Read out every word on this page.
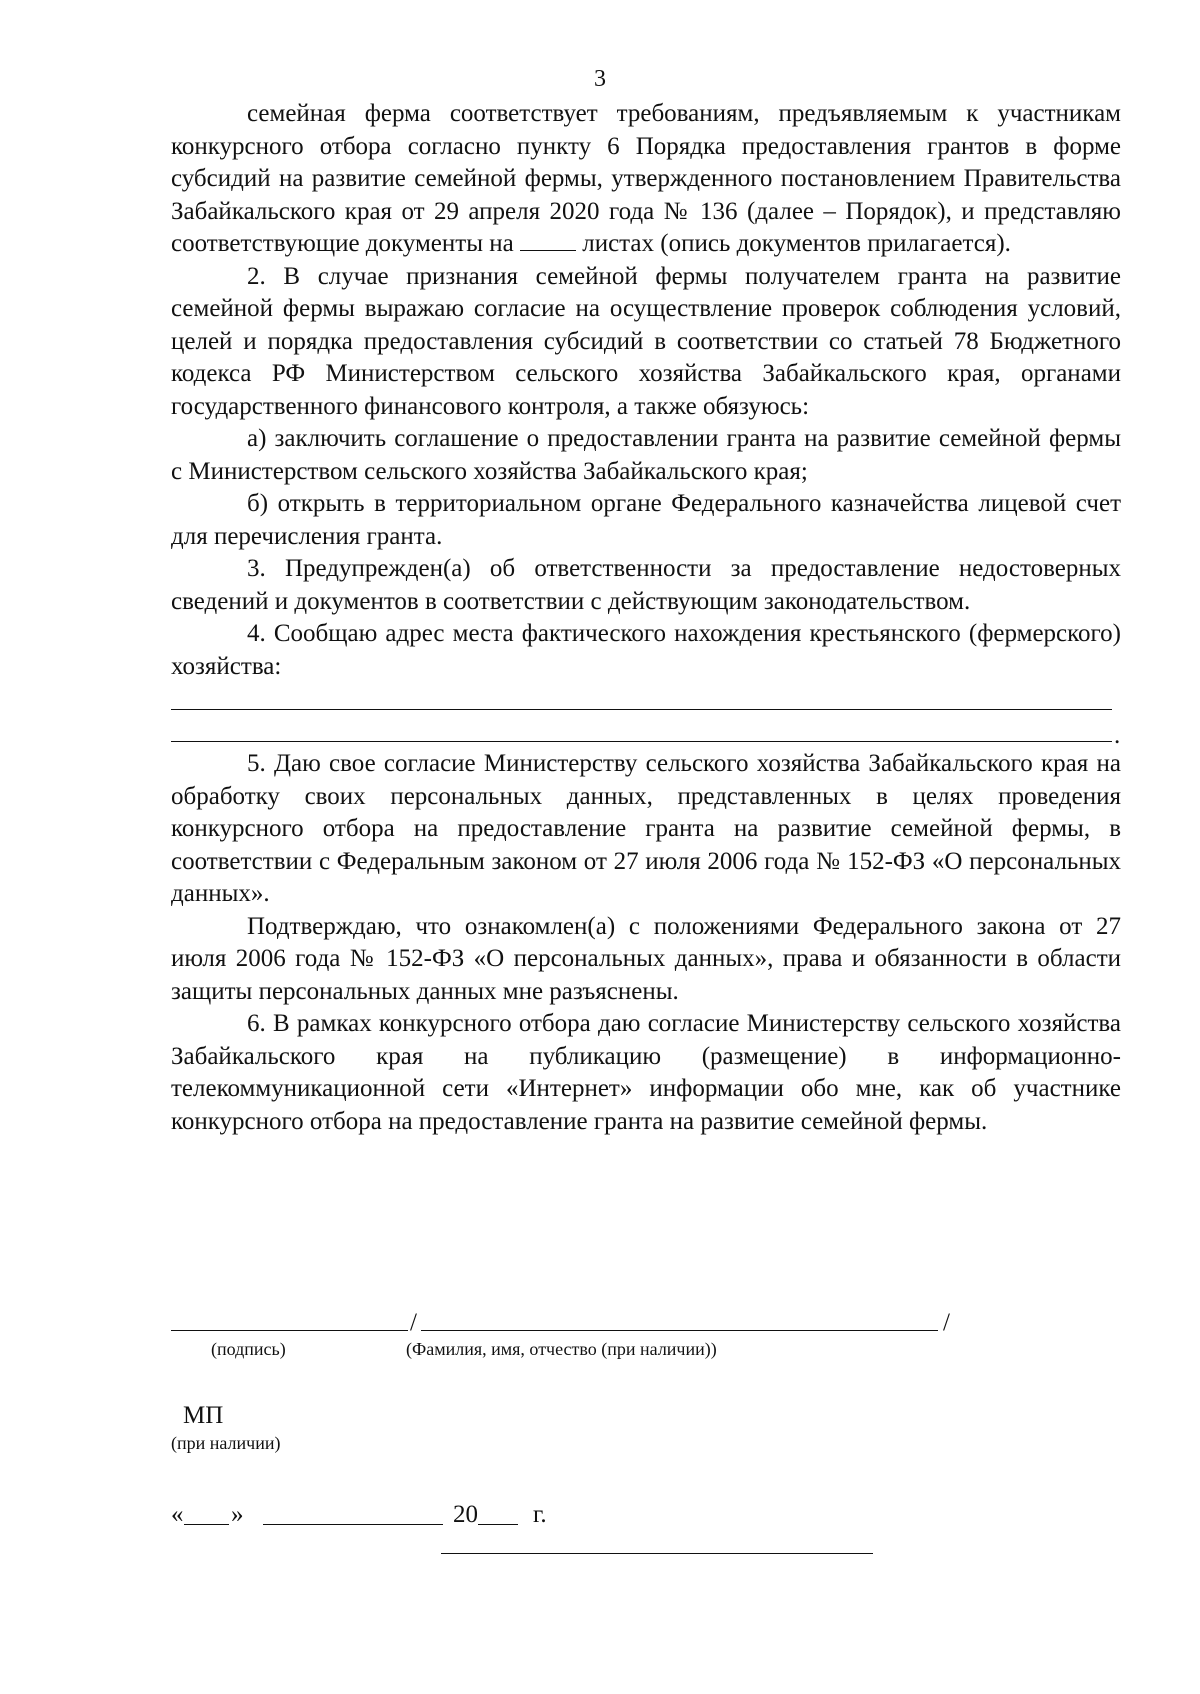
3

семейная ферма соответствует требованиям, предъявляемым к участникам конкурсного отбора согласно пункту 6 Порядка предоставления грантов в форме субсидий на развитие семейной фермы, утвержденного постановлением Правительства Забайкальского края от 29 апреля 2020 года № 136 (далее – Порядок), и представляю соответствующие документы на	листах (опись документов прилагается).

2. В случае признания семейной фермы получателем гранта на развитие семейной фермы выражаю согласие на осуществление проверок соблюдения условий, целей и порядка предоставления субсидий в соответствии со статьей 78 Бюджетного кодекса РФ Министерством сельского хозяйства Забайкальского края, органами государственного финансового контроля, а также обязуюсь:

а) заключить соглашение о предоставлении гранта на развитие семейной фермы с Министерством сельского хозяйства Забайкальского края;

б) открыть в территориальном органе Федерального казначейства лицевой счет для перечисления гранта.

3. Предупрежден(а) об ответственности за предоставление недостоверных сведений и документов в соответствии с действующим законодательством.

4. Сообщаю адрес места фактического нахождения крестьянского (фермерского) хозяйства:

.

5. Даю свое согласие Министерству сельского хозяйства Забайкальского края на обработку своих персональных данных, представленных в целях проведения конкурсного отбора на предоставление гранта на развитие семейной фермы, в соответствии с Федеральным законом от 27 июля 2006 года № 152-ФЗ «О персональных данных».

Подтверждаю, что ознакомлен(а) с положениями Федерального закона от 27 июля 2006 года № 152-ФЗ «О персональных данных», права и обязанности в области защиты персональных данных мне разъяснены.

6. В рамках конкурсного отбора даю согласие Министерству сельского хозяйства Забайкальского края на публикацию (размещение) в информационно-телекоммуникационной сети «Интернет» информации обо мне, как об участнике конкурсного отбора на предоставление гранта на развитие семейной фермы.

/	/
(подпись)	(Фамилия, имя, отчество (при наличии))
МП
(при наличии)
« »	20 г.
